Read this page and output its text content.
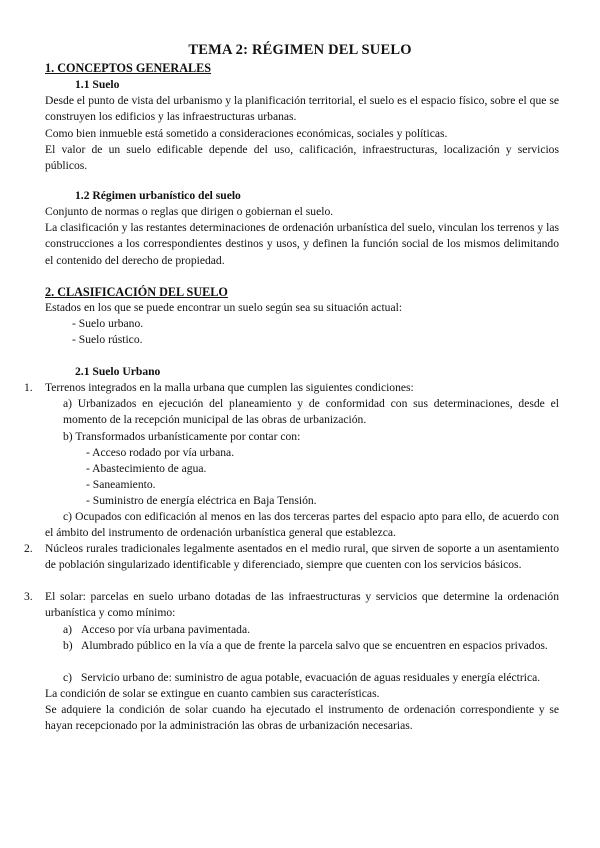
TEMA 2: RÉGIMEN DEL SUELO
1. CONCEPTOS GENERALES
1.1 Suelo
Desde el punto de vista del urbanismo y la planificación territorial, el suelo es el espacio físico, sobre el que se construyen los edificios y las infraestructuras urbanas.
Como bien inmueble está sometido a consideraciones económicas, sociales y políticas.
El valor de un suelo edificable depende del uso, calificación, infraestructuras, localización y servicios públicos.
1.2 Régimen urbanístico del suelo
Conjunto de normas o reglas que dirigen o gobiernan el suelo.
La clasificación y las restantes determinaciones de ordenación urbanística del suelo, vinculan los terrenos y las construcciones a los correspondientes destinos y usos, y definen la función social de los mismos delimitando el contenido del derecho de propiedad.
2. CLASIFICACIÓN DEL SUELO
Estados en los que se puede encontrar un suelo según sea su situación actual:
- Suelo urbano.
- Suelo rústico.
2.1 Suelo Urbano
1. Terrenos integrados en la malla urbana que cumplen las siguientes condiciones:
a) Urbanizados en ejecución del planeamiento y de conformidad con sus determinaciones, desde el momento de la recepción municipal de las obras de urbanización.
b) Transformados urbanísticamente por contar con:
- Acceso rodado por vía urbana.
- Abastecimiento de agua.
- Saneamiento.
- Suministro de energía eléctrica en Baja Tensión.
c) Ocupados con edificación al menos en las dos terceras partes del espacio apto para ello, de acuerdo con el ámbito del instrumento de ordenación urbanística general que establezca.
2. Núcleos rurales tradicionales legalmente asentados en el medio rural, que sirven de soporte a un asentamiento de población singularizado identificable y diferenciado, siempre que cuenten con los servicios básicos.
3. El solar: parcelas en suelo urbano dotadas de las infraestructuras y servicios que determine la ordenación urbanística y como mínimo:
a) Acceso por vía urbana pavimentada.
b) Alumbrado público en la vía a que de frente la parcela salvo que se encuentren en espacios privados.
c) Servicio urbano de: suministro de agua potable, evacuación de aguas residuales y energía eléctrica.
La condición de solar se extingue en cuanto cambien sus características.
Se adquiere la condición de solar cuando ha ejecutado el instrumento de ordenación correspondiente y se hayan recepcionado por la administración las obras de urbanización necesarias.
